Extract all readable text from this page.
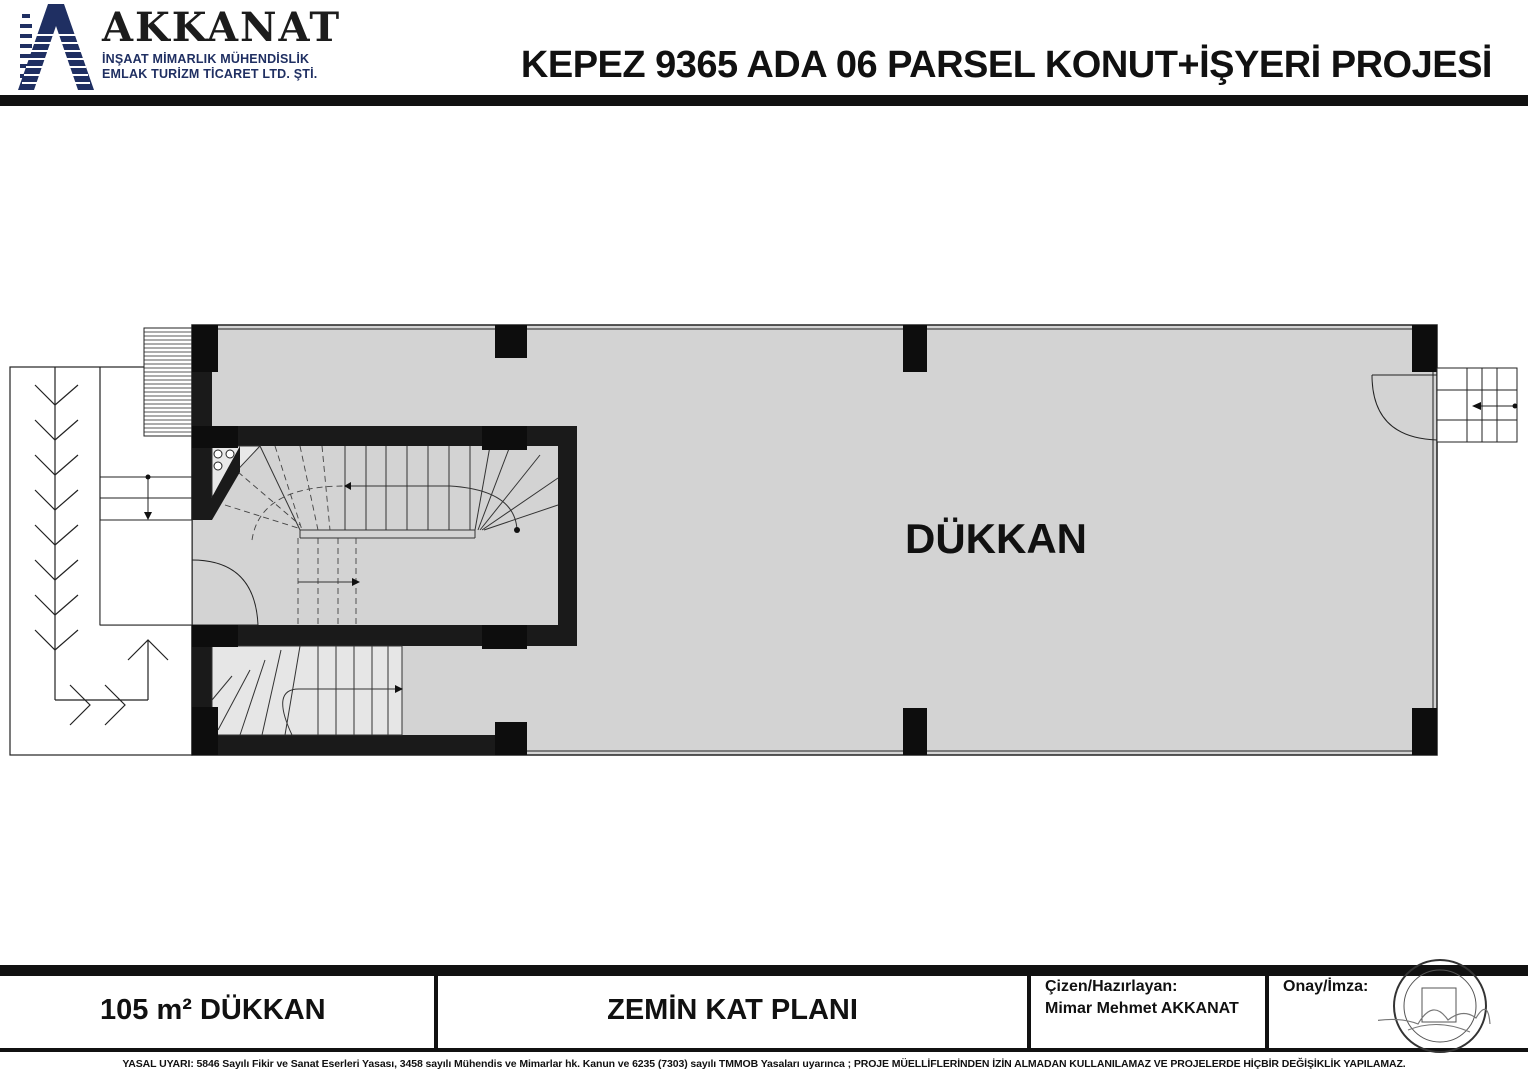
AKKANAT
İNŞAAT MİMARLIK MÜHENDİSLİK
EMLAK TURİZM TİCARET LTD. ŞTİ.	KEPEZ 9365 ADA 06 PARSEL KONUT+İŞYERİ PROJESİ
DÜKKAN
105 m² DÜKKAN	ZEMİN KAT PLANI
Çizen/Hazırlayan:
Mimar Mehmet AKKANAT
Onay/İmza:
YASAL UYARI: 5846 Sayılı Fikir ve Sanat Eserleri Yasası, 3458 sayılı Mühendis ve Mimarlar hk. Kanun ve 6235 (7303) sayılı TMMOB Yasaları uyarınca ; PROJE MÜELLİFLERİNDEN İZİN ALMADAN KULLANILAMAZ VE PROJELERDE HİÇBİR DEĞİŞİKLİK YAPILAMAZ.
